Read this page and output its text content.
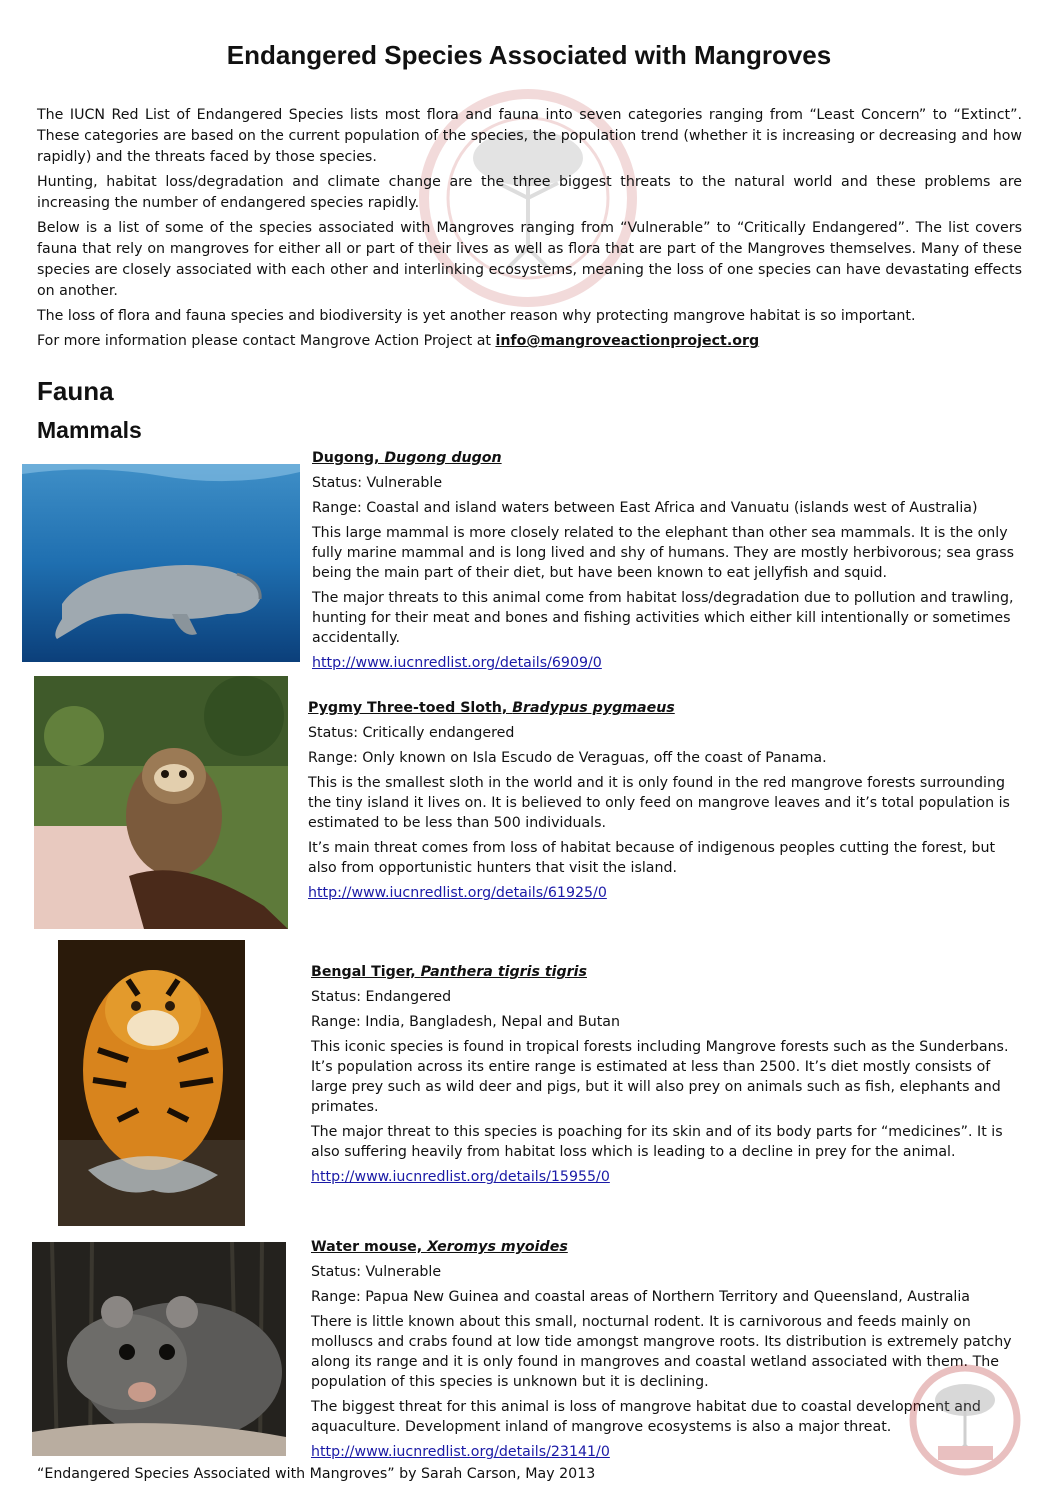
Endangered Species Associated with Mangroves

The IUCN Red List of Endangered Species lists most flora and fauna into seven categories ranging from “Least Concern” to “Extinct”. These categories are based on the current population of the species, the population trend (whether it is increasing or decreasing and how rapidly) and the threats faced by those species.

Hunting, habitat loss/degradation and climate change are the three biggest threats to the natural world and these problems are increasing the number of endangered species rapidly.

Below is a list of some of the species associated with Mangroves ranging from “Vulnerable” to “Critically Endangered”. The list covers fauna that rely on mangroves for either all or part of their lives as well as flora that are part of the Mangroves themselves. Many of these species are closely associated with each other and interlinking ecosystems, meaning the loss of one species can have devastating effects on another.

The loss of flora and fauna species and biodiversity is yet another reason why protecting mangrove habitat is so important.

For more information please contact Mangrove Action Project at info@mangroveactionproject.org

Fauna
Mammals

Dugong, Dugong dugon

Status: Vulnerable

Range: Coastal and island waters between East Africa and Vanuatu (islands west of Australia)

This large mammal is more closely related to the elephant than other sea mammals. It is the only fully marine mammal and is long lived and shy of humans. They are mostly herbivorous; sea grass being the main part of their diet, but have been known to eat jellyfish and squid.

The major threats to this animal come from habitat loss/degradation due to pollution and trawling, hunting for their meat and bones and fishing activities which either kill intentionally or sometimes accidentally.

http://www.iucnredlist.org/details/6909/0

Pygmy Three-toed Sloth, Bradypus pygmaeus

Status: Critically endangered

Range: Only known on Isla Escudo de Veraguas, off the coast of Panama.

This is the smallest sloth in the world and it is only found in the red mangrove forests surrounding the tiny island it lives on. It is believed to only feed on mangrove leaves and it’s total population is estimated to be less than 500 individuals.

It’s main threat comes from loss of habitat because of indigenous peoples cutting the forest, but also from opportunistic hunters that visit the island.

http://www.iucnredlist.org/details/61925/0

Bengal Tiger, Panthera tigris tigris

Status: Endangered

Range: India, Bangladesh, Nepal and Butan

This iconic species is found in tropical forests including Mangrove forests such as the Sunderbans. It’s population across its entire range is estimated at less than 2500. It’s diet mostly consists of large prey such as wild deer and pigs, but it will also prey on animals such as fish, elephants and primates.

The major threat to this species is poaching for its skin and of its body parts for “medicines”. It is also suffering heavily from habitat loss which is leading to a decline in prey for the animal.

http://www.iucnredlist.org/details/15955/0

Water mouse, Xeromys myoides

Status: Vulnerable

Range: Papua New Guinea and coastal areas of Northern Territory and Queensland, Australia

There is little known about this small, nocturnal rodent. It is carnivorous and feeds mainly on molluscs and crabs found at low tide amongst mangrove roots. Its distribution is extremely patchy along its range and it is only found in mangroves and coastal wetland associated with them. The population of this species is unknown but it is declining.

The biggest threat for this animal is loss of mangrove habitat due to coastal development and aquaculture. Development inland of mangrove ecosystems is also a major threat.

http://www.iucnredlist.org/details/23141/0

“Endangered Species Associated with Mangroves” by Sarah Carson, May 2013
